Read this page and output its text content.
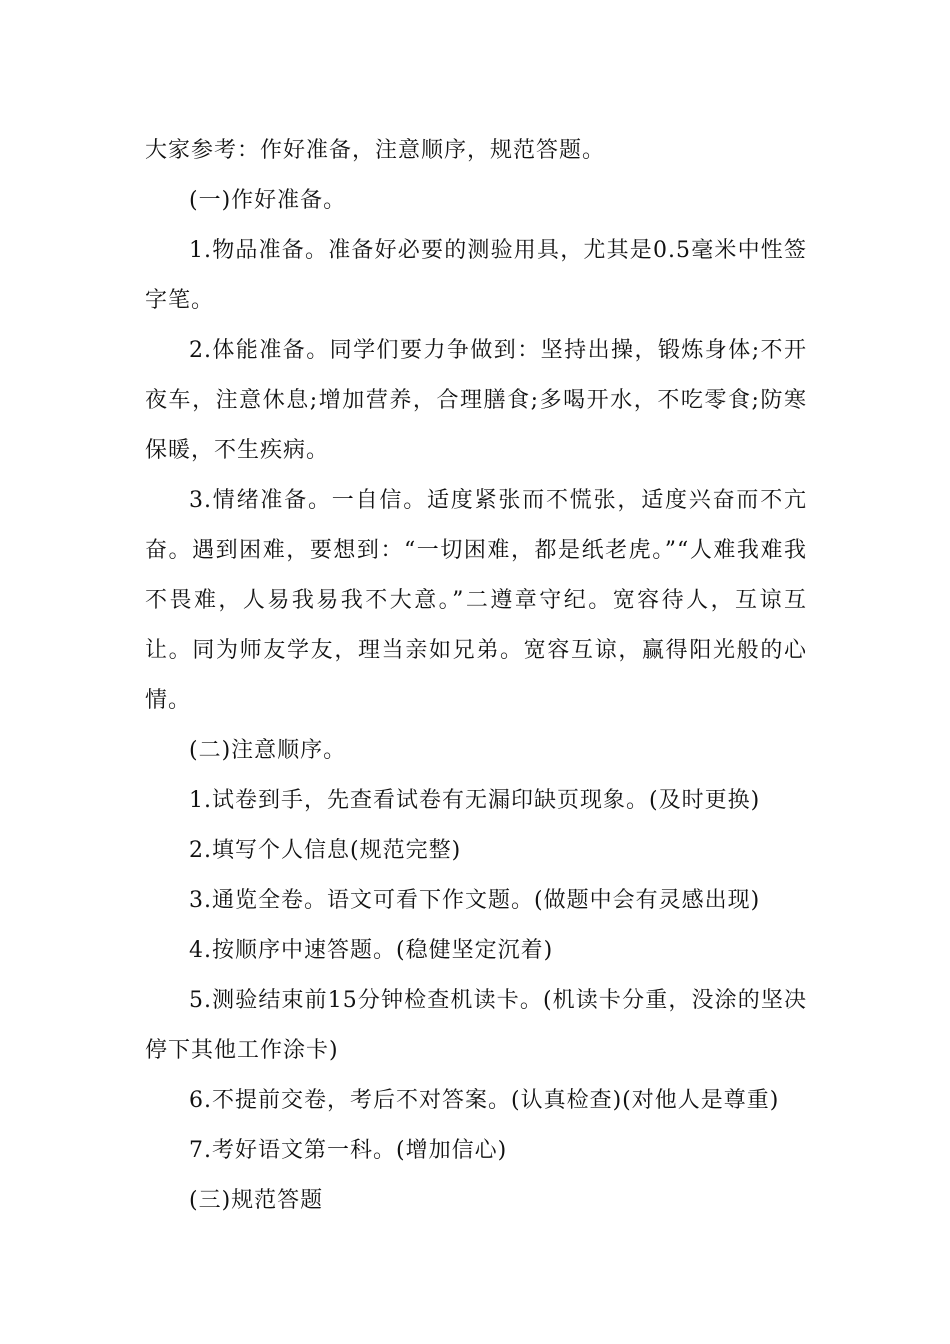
大家参考：作好准备，注意顺序，规范答题。

(一)作好准备。

1.物品准备。准备好必要的测验用具，尤其是0.5毫米中性签字笔。

2.体能准备。同学们要力争做到：坚持出操，锻炼身体;不开夜车，注意休息;增加营养，合理膳食;多喝开水，不吃零食;防寒保暖，不生疾病。

3.情绪准备。一自信。适度紧张而不慌张，适度兴奋而不亢奋。遇到困难，要想到：“一切困难，都是纸老虎。”“人难我难我不畏难，人易我易我不大意。”二遵章守纪。宽容待人，互谅互让。同为师友学友，理当亲如兄弟。宽容互谅，赢得阳光般的心情。

(二)注意顺序。

1.试卷到手，先查看试卷有无漏印缺页现象。(及时更换)

2.填写个人信息(规范完整)

3.通览全卷。语文可看下作文题。(做题中会有灵感出现)

4.按顺序中速答题。(稳健坚定沉着)

5.测验结束前15分钟检查机读卡。(机读卡分重，没涂的坚决停下其他工作涂卡)

6.不提前交卷，考后不对答案。(认真检查)(对他人是尊重)

7.考好语文第一科。(增加信心)

(三)规范答题
